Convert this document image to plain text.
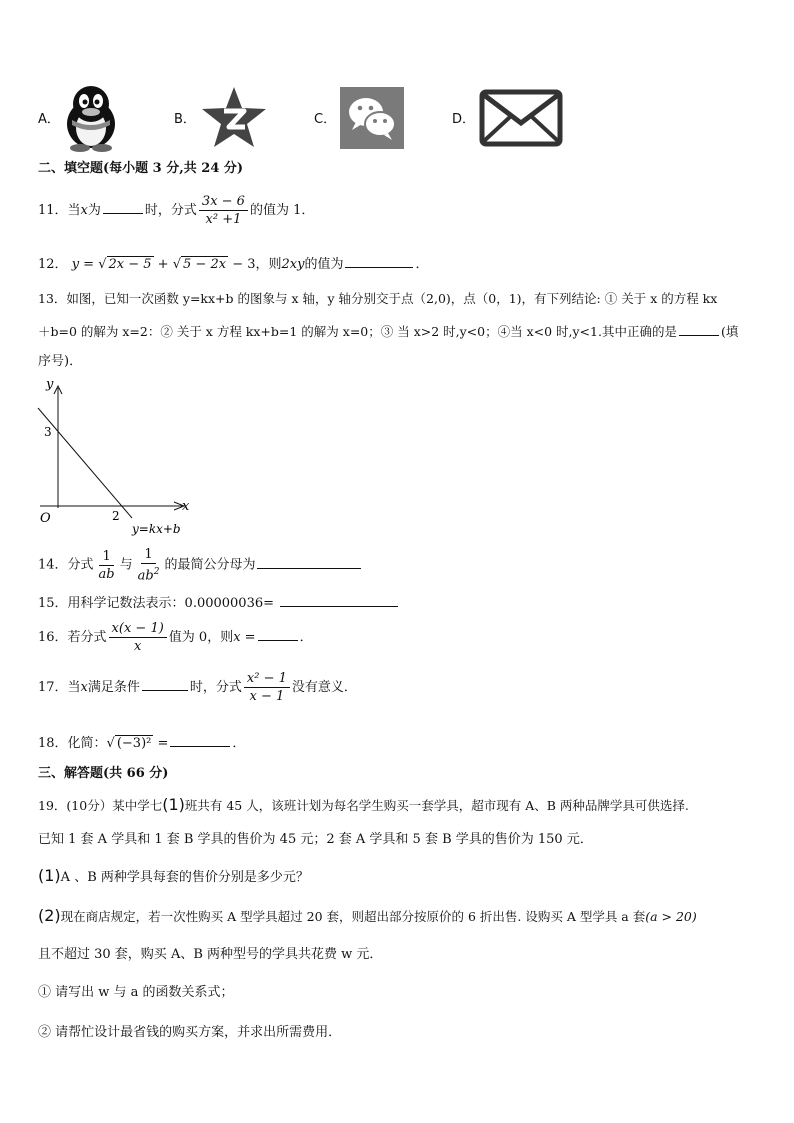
A．	B．	C．	D．
二、填空题(每小题 3 分,共 24 分)
11．当x为	时，分式 $\frac{3x - 6}{\text{x² +1}}$ 的值为 1．
12． y = √ 2x − 5 + √ 5 − 2x − 3，则2xy的值为	．
13．如图，已知一次函数 y=kx+b 的图象与 x 轴，y 轴分别交于点（2,0)，点（0，1)，有下列结论: ① 关于 x 的方程 kx
＋b=0 的解为 x=2：② 关于 x 方程 kx+b=1 的解为 x=0；③ 当 x>2 时,y<0；④当 x<0 时,y<1.其中正确的是	(填
序号)．
y
x
O
3
2
y=kx+b
14．分式 $\frac{1}{ab}$ 与 $\frac{1}{ab^2}$ 的最简公分母为
15．用科学记数法表示：0.00000036=
16．若分式 $\frac{x(x - 1)}{x}$ 值为 0，则x =	．
17．当x满足条件	时，分式 $\frac{\text{x² − 1}}{x - 1}$ 没有意义．
18．化简：√ (−3)² =	．
三、解答题(共 66 分)
19．(10分）某中学七(1)班共有 45 人，该班计划为每名学生购买一套学具，超市现有 A、B 两种品牌学具可供选择.
已知 1 套 A 学具和 1 套 B 学具的售价为 45 元；2 套 A 学具和 5 套 B 学具的售价为 150 元．
(1)A 、B 两种学具每套的售价分别是多少元？
(2)现在商店规定，若一次性购买 A 型学具超过 20 套，则超出部分按原价的 6 折出售. 设购买 A 型学具 a 套(a > 20)
且不超过 30 套，购买 A、B 两种型号的学具共花费 w 元．
① 请写出 w 与 a 的函数关系式；
② 请帮忙设计最省钱的购买方案，并求出所需费用．
